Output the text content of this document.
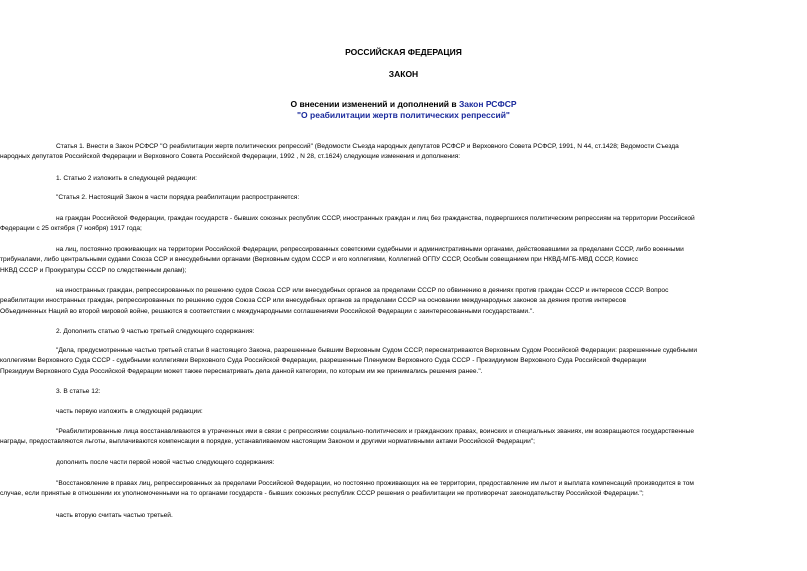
РОССИЙСКАЯ ФЕДЕРАЦИЯ
ЗАКОН
О внесении изменений и дополнений в Закон РСФСР
"О реабилитации жертв политических репрессий"

Статья 1. Внести в Закон РСФСР "О реабилитации жертв политических репрессий" (Ведомости Съезда народных депутатов РСФСР и Верховного Совета РСФСР, 1991, N 44, ст.1428; Ведомости Съезда
народных депутатов Российской Федерации и Верховного Совета Российской Федерации, 1992 , N 28, ст.1624) следующие изменения и дополнения:

1. Статью 2 изложить в следующей редакции:

"Статья 2. Настоящий Закон в части порядка реабилитации распространяется:

на граждан Российской Федерации, граждан государств - бывших союзных республик СССР, иностранных граждан и лиц без гражданства, подвергшихся политическим репрессиям на территории Российской
Федерации с 25 октября (7 ноября) 1917 года;

на лиц, постоянно проживающих на территории Российской Федерации, репрессированных советскими судебными и административными органами, действовавшими за пределами СССР, либо военными
трибуналами, либо центральными судами Союза ССР и внесудебными органами (Верховным судом СССР и его коллегиями, Коллегией ОГПУ СССР, Особым совещанием при НКВД-МГБ-МВД СССР, Комисс
НКВД СССР и Прокуратуры СССР по следственным делам);

на иностранных граждан, репрессированных по решению судов Союза ССР или внесудебных органов за пределами СССР по обвинению в деяниях против граждан СССР и интересов СССР. Вопрос
реабилитации иностранных граждан, репрессированных по решению судов Союза ССР или внесудебных органов за пределами СССР на основании международных законов за деяния против интересов
Объединенных Наций во второй мировой войне, решаются в соответствии с международными соглашениями Российской Федерации с заинтересованными государствами.".

2. Дополнить статью 9 частью третьей следующего содержания:

"Дела, предусмотренные частью третьей статьи 8 настоящего Закона, разрешенные бывшим Верховным Судом СССР, пересматриваются Верховным Судом Российской Федерации: разрешенные судебными
коллегиями Верховного Суда СССР - судебными коллегиями Верховного Суда Российской Федерации, разрешенные Пленумом Верховного Суда СССР - Президиумом Верховного Суда Российской Федерации
Президиум Верховного Суда Российской Федерации может также пересматривать дела данной категории, по которым им же принимались решения ранее.".

3. В статье 12:

часть первую изложить в следующей редакции:

"Реабилитированные лица восстанавливаются в утраченных ими в связи с репрессиями социально-политических и гражданских правах, воинских и специальных званиях, им возвращаются государственные
награды, предоставляются льготы, выплачиваются компенсации в порядке, устанавливаемом настоящим Законом и другими нормативными актами Российской Федерации";

дополнить после части первой новой частью следующего содержания:

"Восстановление в правах лиц, репрессированных за пределами Российской Федерации, но постоянно проживающих на ее территории, предоставление им льгот и выплата компенсаций производится в том
случае, если принятые в отношении их уполномоченными на то органами государств - бывших союзных республик СССР решения о реабилитации не противоречат законодательству Российской Федерации.";

часть вторую считать частью третьей.
